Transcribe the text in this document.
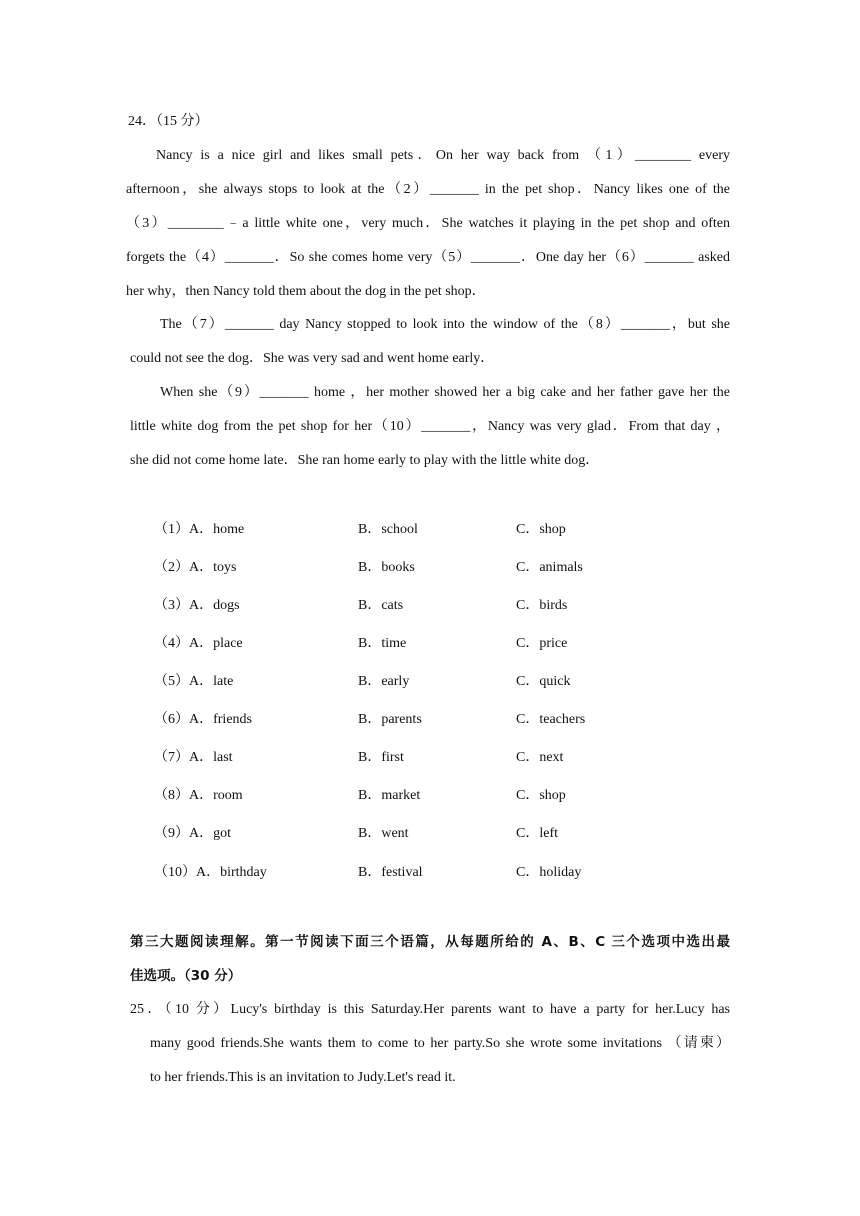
24．（15 分）
Nancy is a nice girl and likes small pets．On her way back from （1）________ every
afternoon，she always stops to look at the（2）_______ in the pet shop．Nancy likes one of the
（3）________﹣a little white one，very much．She watches it playing in the pet shop and often
forgets the（4）_______．So she comes home very（5）_______．One day her（6）_______ asked
her why，then Nancy told them about the dog in the pet shop．
The（7）_______ day Nancy stopped to look into the window of the（8）_______，but she
could not see the dog．She was very sad and went home early．
When she（9）_______ home ，her mother showed her a big cake and her father gave her the
little white dog from the pet shop for her（10）_______，Nancy was very glad．From that day ，
she did not come home late．She ran home early to play with the little white dog．
（1）A．home	B．school	C．shop
（2）A．toys	B．books	C．animals
（3）A．dogs	B．cats	C．birds
（4）A．place	B．time	C．price
（5）A．late	B．early	C．quick
（6）A．friends	B．parents	C．teachers
（7）A．last	B．first	C．next
（8）A．room	B．market	C．shop
（9）A．got	B．went	C．left
（10）A．birthday	B．festival	C．holiday
第三大题阅读理解。第一节阅读下面三个语篇，从每题所给的 A、B、C 三个选项中选出最
佳选项。（30 分）
25．（10 分）Lucy's birthday is this Saturday.Her parents want to have a party for her.Lucy has
many good friends.She wants them to come to her party.So she wrote some invitations （请柬）
to her friends.This is an invitation to Judy.Let's read it.
